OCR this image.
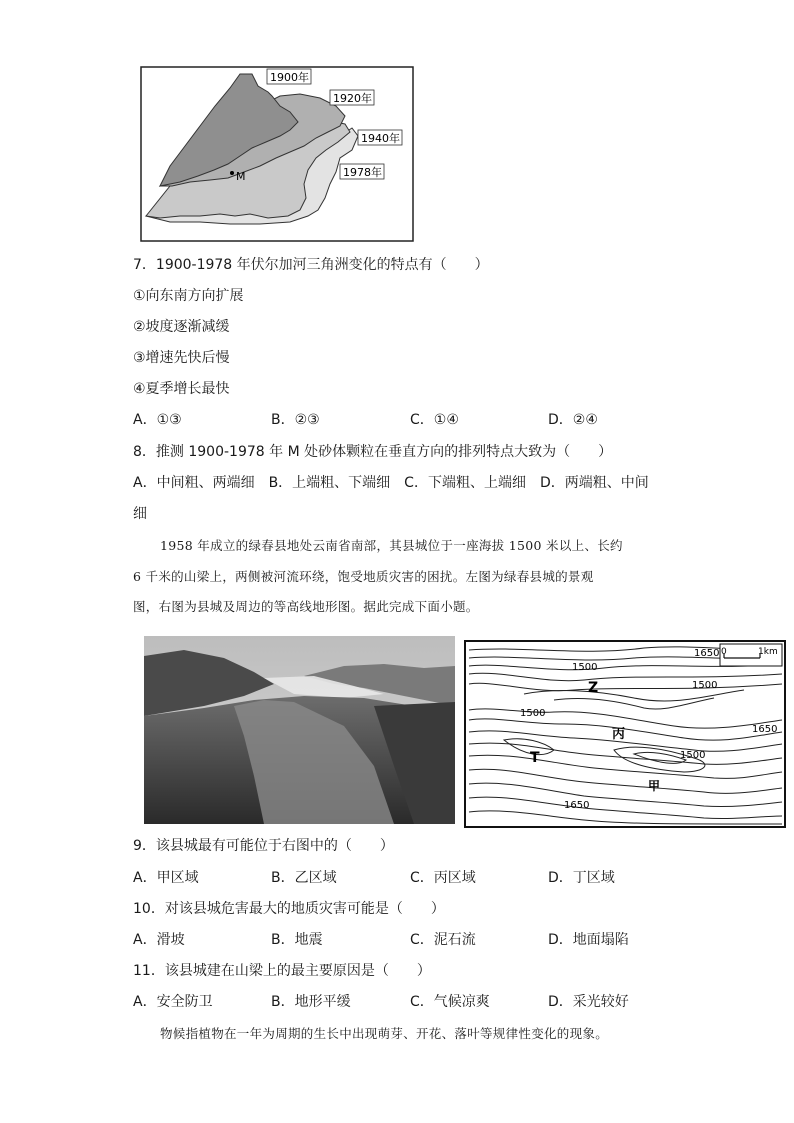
1900年
1920年
1940年
1978年
M
7．1900-1978 年伏尔加河三角洲变化的特点有（　　）
①向东南方向扩展
②坡度逐渐减缓
③增速先快后慢
④夏季增长最快
A．①③	B．②③	C．①④	D．②④
8．推测 1900-1978 年 M 处砂体颗粒在垂直方向的排列特点大致为（　　）
A．中间粗、两端细　B．上端粗、下端细　C．下端粗、上端细　D．两端粗、中间
细
1958 年成立的绿春县地处云南省南部，其县城位于一座海拔 1500 米以上、长约
6 千米的山梁上，两侧被河流环绕，饱受地质灾害的困扰。左图为绿春县城的景观
图，右图为县城及周边的等高线地形图。据此完成下面小题。
0	1km
1650
1500
1500
1500
1650
1500
1650
Z
丙
T
甲
9．该县城最有可能位于右图中的（　　）
A．甲区域	B．乙区域	C．丙区域	D．丁区域
10．对该县城危害最大的地质灾害可能是（　　）
A．滑坡	B．地震	C．泥石流	D．地面塌陷
11．该县城建在山梁上的最主要原因是（　　）
A．安全防卫	B．地形平缓	C．气候凉爽	D．采光较好
物候指植物在一年为周期的生长中出现萌芽、开花、落叶等规律性变化的现象。
